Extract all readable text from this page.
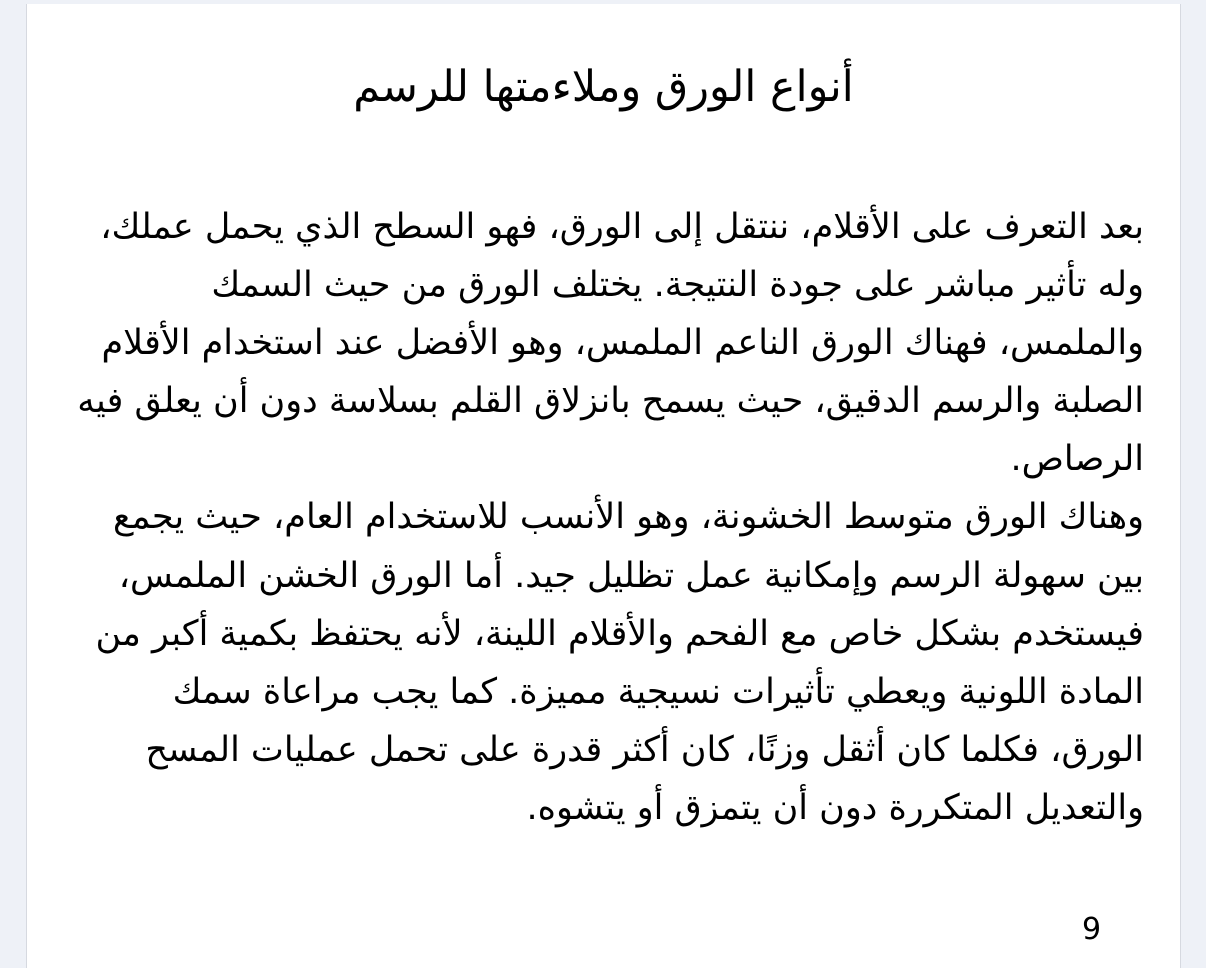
أنواع الورق وملاءمتها للرسم

بعد التعرف على الأقلام، ننتقل إلى الورق، فهو السطح الذي يحمل عملك، وله تأثير مباشر على جودة النتيجة. يختلف الورق من حيث السمك والملمس، فهناك الورق الناعم الملمس، وهو الأفضل عند استخدام الأقلام الصلبة والرسم الدقيق، حيث يسمح بانزلاق القلم بسلاسة دون أن يعلق فيه الرصاص.

وهناك الورق متوسط الخشونة، وهو الأنسب للاستخدام العام، حيث يجمع بين سهولة الرسم وإمكانية عمل تظليل جيد. أما الورق الخشن الملمس، فيستخدم بشكل خاص مع الفحم والأقلام اللينة، لأنه يحتفظ بكمية أكبر من المادة اللونية ويعطي تأثيرات نسيجية مميزة. كما يجب مراعاة سمك الورق، فكلما كان أثقل وزنًا، كان أكثر قدرة على تحمل عمليات المسح والتعديل المتكررة دون أن يتمزق أو يتشوه.

9
